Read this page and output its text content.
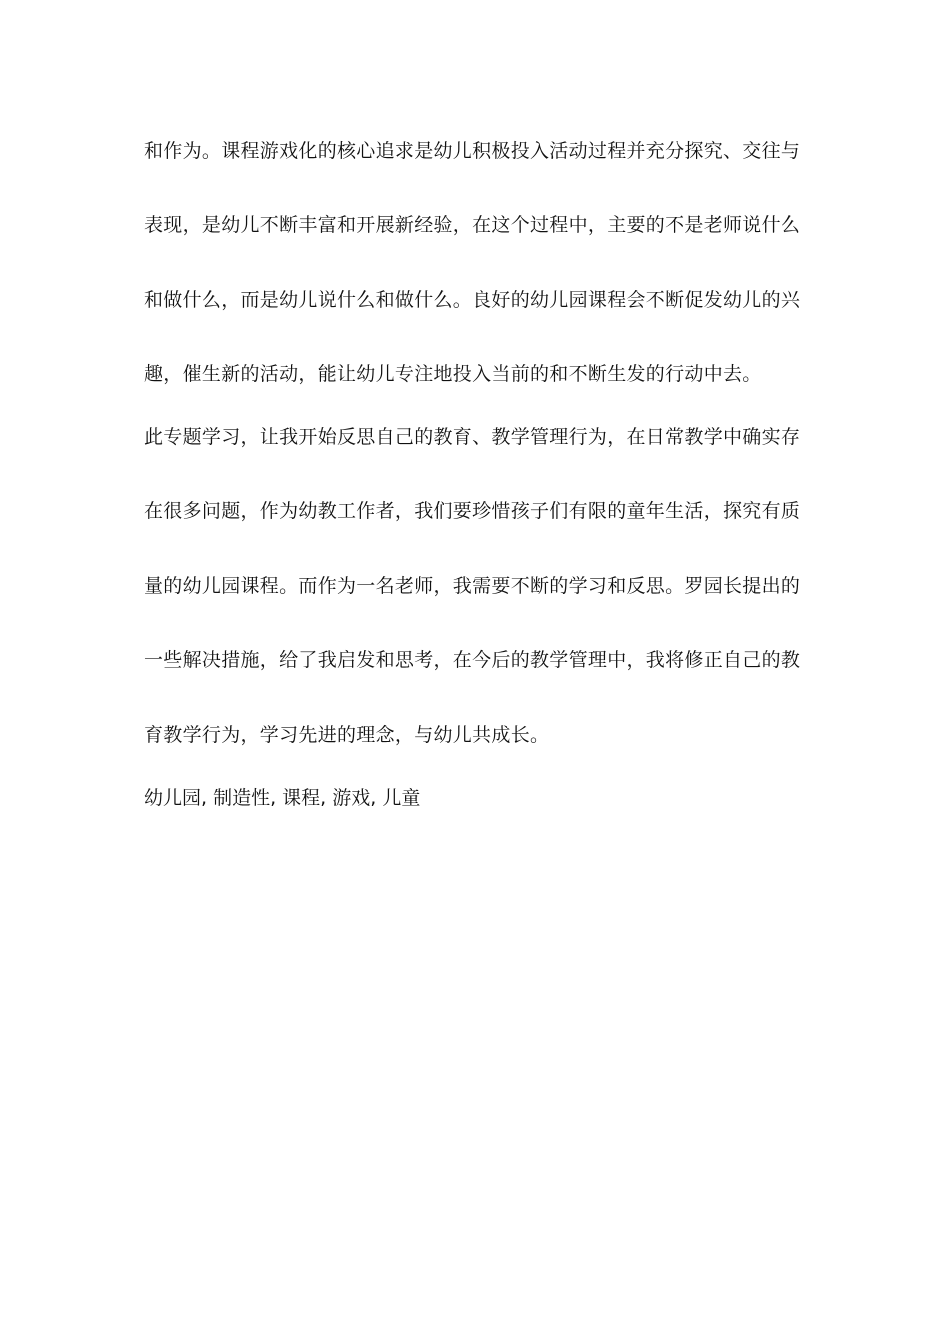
和作为。课程游戏化的核心追求是幼儿积极投入活动过程并充分探究、交往与
表现，是幼儿不断丰富和开展新经验，在这个过程中，主要的不是老师说什么
和做什么，而是幼儿说什么和做什么。良好的幼儿园课程会不断促发幼儿的兴
趣，催生新的活动，能让幼儿专注地投入当前的和不断生发的行动中去。
此专题学习，让我开始反思自己的教育、教学管理行为，在日常教学中确实存
在很多问题，作为幼教工作者，我们要珍惜孩子们有限的童年生活，探究有质
量的幼儿园课程。而作为一名老师，我需要不断的学习和反思。罗园长提出的
一些解决措施，给了我启发和思考，在今后的教学管理中，我将修正自己的教
育教学行为，学习先进的理念，与幼儿共成长。
幼儿园, 制造性, 课程, 游戏, 儿童
